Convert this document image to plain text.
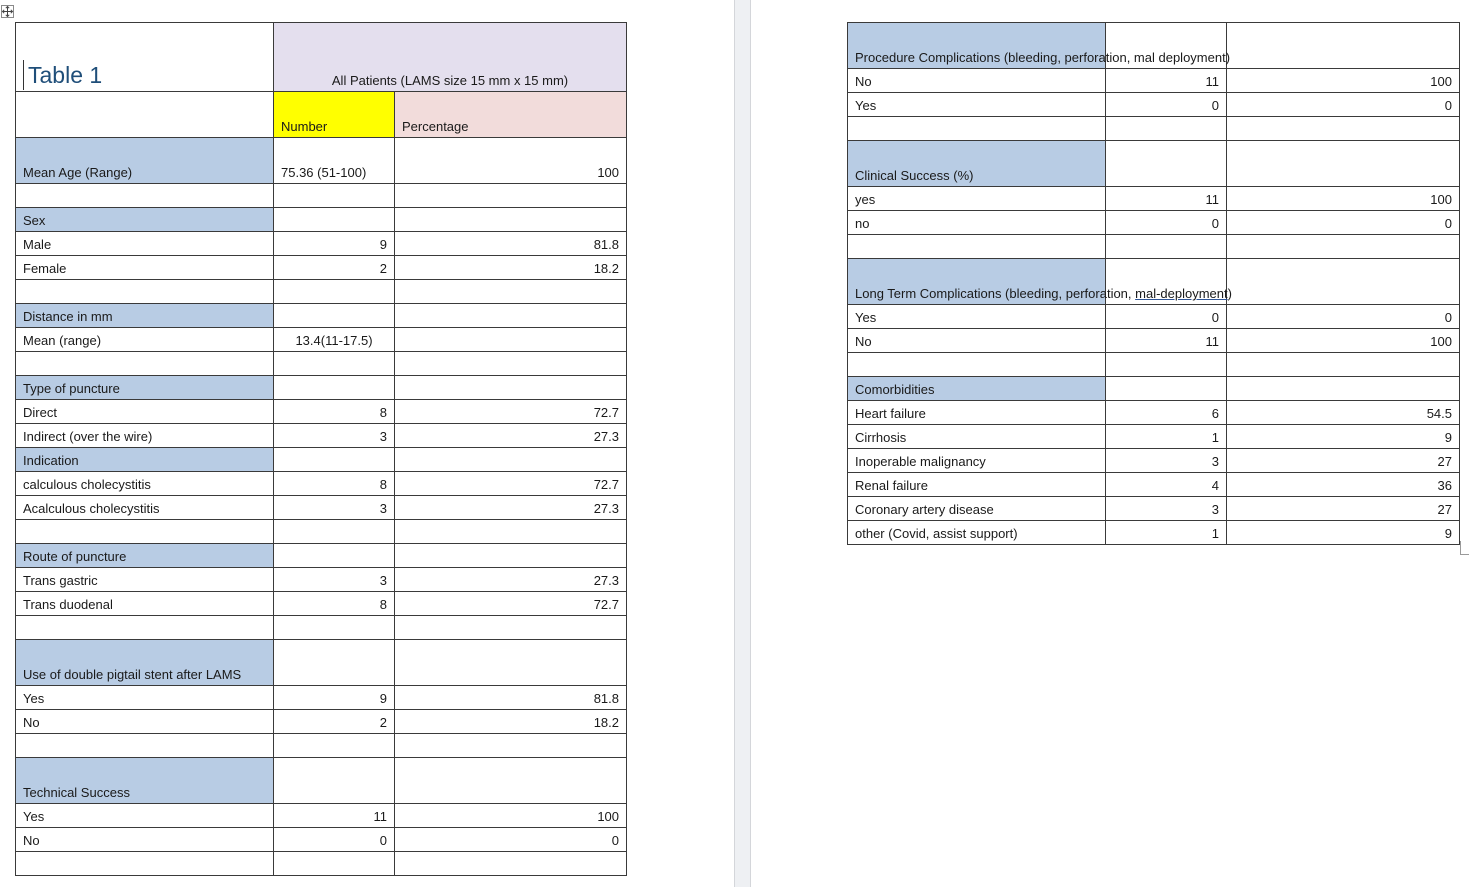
Table 1	All Patients (LAMS size 15 mm x 15 mm)	
	Number	Percentage
Mean Age (Range)	75.36 (51-100)	100

Sex		
Male	9	81.8
Female	2	18.2

Distance in mm		
Mean (range)	13.4(11-17.5)	

Type of puncture		
Direct	8	72.7
Indirect (over the wire)	3	27.3
Indication		
calculous cholecystitis	8	72.7
Acalculous cholecystitis	3	27.3

Route of puncture		
Trans gastric	3	27.3
Trans duodenal	8	72.7

Use of double pigtail stent after LAMS		
Yes	9	81.8
No	2	18.2

Technical Success		
Yes	11	100
No	0	0

Procedure Complications (bleeding, perforation, mal deployment)		
No	11	100
Yes	0	0

Clinical Success (%)		
yes	11	100
no	0	0

Long Term Complications (bleeding, perforation, mal-deployment)		
Yes	0	0
No	11	100

Comorbidities		
Heart failure	6	54.5
Cirrhosis	1	9
Inoperable malignancy	3	27
Renal failure	4	36
Coronary artery disease	3	27
other (Covid, assist support)	1	9
